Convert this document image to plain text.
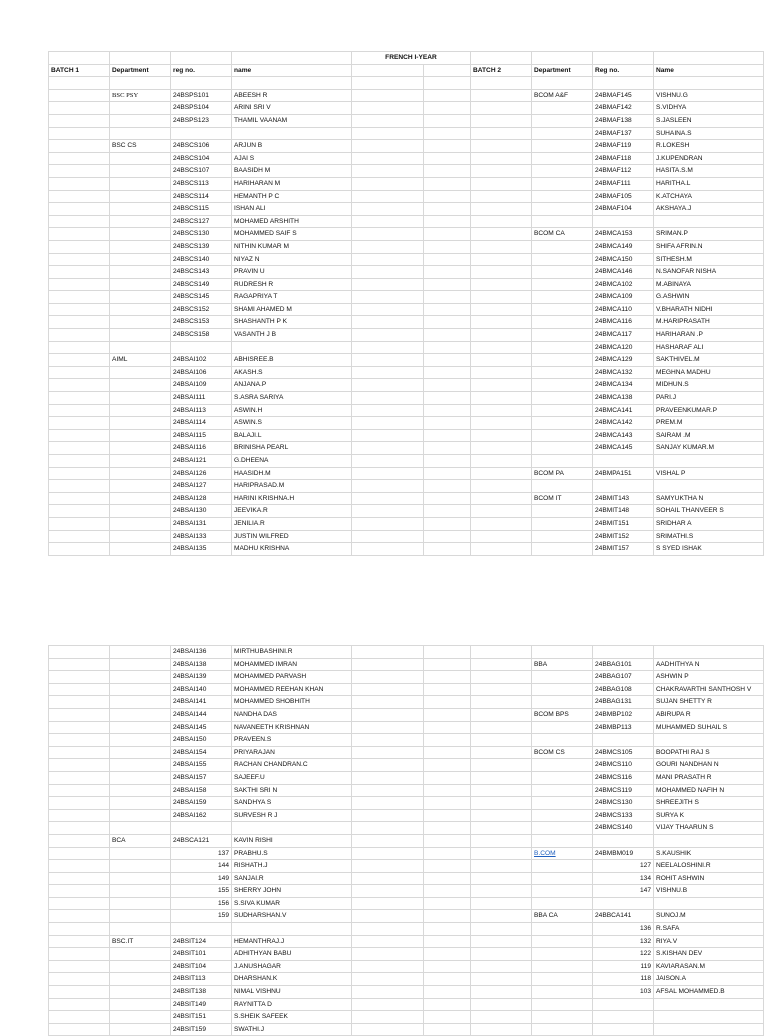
				FRENCH I-YEAR					
BATCH 1	Department	reg no.	name			BATCH 2	Department	Reg no.	Name

	BSC PSY	24BSPS101	ABEESH R				BCOM A&F	24BMAF145	VISHNU.G
		24BSPS104	ARINI SRI V					24BMAF142	S.VIDHYA
		24BSPS123	THAMIL VAANAM					24BMAF138	S.JASLEEN
								24BMAF137	SUHAINA.S
	BSC CS	24BSCS106	ARJUN B					24BMAF119	R.LOKESH
		24BSCS104	AJAI S					24BMAF118	J.KUPENDRAN
		24BSCS107	BAASIDH M					24BMAF112	HASITA.S.M
		24BSCS113	HARIHARAN M					24BMAF111	HARITHA.L
		24BSCS114	HEMANTH P C					24BMAF105	K.ATCHAYA
		24BSCS115	ISHAN ALI					24BMAF104	AKSHAYA.J
		24BSCS127	MOHAMED ARSHITH						
		24BSCS130	MOHAMMED SAIF S				BCOM CA	24BMCA153	SRIMAN.P
		24BSCS139	NITHIN KUMAR M					24BMCA149	SHIFA AFRIN.N
		24BSCS140	NIYAZ N					24BMCA150	SITHESH.M
		24BSCS143	PRAVIN U					24BMCA146	N.SANOFAR NISHA
		24BSCS149	RUDRESH R					24BMCA102	M.ABINAYA
		24BSCS145	RAGAPRIYA T					24BMCA109	G.ASHWIN
		24BSCS152	SHAMI AHAMED M					24BMCA110	V.BHARATH NIDHI
		24BSCS153	SHASHANTH P K					24BMCA116	M.HARIPRASATH
		24BSCS158	VASANTH J B					24BMCA117	HARIHARAN .P
								24BMCA120	HASHARAF ALI
	AIML	24BSAI102	ABHISREE.B					24BMCA129	SAKTHIVEL.M
		24BSAI106	AKASH.S					24BMCA132	MEGHNA MADHU
		24BSAI109	ANJANA.P					24BMCA134	MIDHUN.S
		24BSAI111	S.ASRA SARIYA					24BMCA138	PARI.J
		24BSAI113	ASWIN.H					24BMCA141	PRAVEENKUMAR.P
		24BSAI114	ASWIN.S					24BMCA142	PREM.M
		24BSAI115	BALAJI.L					24BMCA143	SAIRAM .M
		24BSAI116	BRINISHA PEARL					24BMCA145	SANJAY KUMAR.M
		24BSAI121	G.DHEENA						
		24BSAI126	HAASIDH.M				BCOM PA	24BMPA151	VISHAL P
		24BSAI127	HARIPRASAD.M						
		24BSAI128	HARINI KRISHNA.H				BCOM IT	24BMIT143	SAMYUKTHA N
		24BSAI130	JEEVIKA.R					24BMIT148	SOHAIL THANVEER S
		24BSAI131	JENILIA.R					24BMIT151	SRIDHAR A
		24BSAI133	JUSTIN WILFRED					24BMIT152	SRIMATHI.S
		24BSAI135	MADHU KRISHNA					24BMIT157	S SYED ISHAK
		24BSAI136	MIRTHUBASHINI.R						
		24BSAI138	MOHAMMED IMRAN				BBA	24BBAG101	AADHITHYA N
		24BSAI139	MOHAMMED PARVASH					24BBAG107	ASHWIN P
		24BSAI140	MOHAMMED REEHAN KHAN					24BBAG108	CHAKRAVARTHI SANTHOSH V
		24BSAI141	MOHAMMED SHOBHITH					24BBAG131	SUJAN SHETTY R
		24BSAI144	NANDHA DAS				BCOM BPS	24BMBP102	ABIRUPA R
		24BSAI145	NAVANEETH KRISHNAN					24BMBP113	MUHAMMED SUHAIL S
		24BSAI150	PRAVEEN.S						
		24BSAI154	PRIYARAJAN				BCOM CS	24BMCS105	BOOPATHI RAJ S
		24BSAI155	RACHAN CHANDRAN.C					24BMCS110	GOURI NANDHAN N
		24BSAI157	SAJEEF.U					24BMCS116	MANI PRASATH R
		24BSAI158	SAKTHI SRI N					24BMCS119	MOHAMMED NAFIH N
		24BSAI159	SANDHYA S					24BMCS130	SHREEJITH S
		24BSAI162	SURVESH R J					24BMCS133	SURYA K
								24BMCS140	VIJAY THAARUN S
	BCA	24BSCA121	KAVIN RISHI						
		137	PRABHU.S				B.COM	24BMBM019	S.KAUSHIK
		144	RISHATH.J					127	NEELALOSHINI.R
		149	SANJAI.R					134	ROHIT ASHWIN
		155	SHERRY JOHN					147	VISHNU.B
		156	S.SIVA KUMAR						
		159	SUDHARSHAN.V				BBA CA	24BBCA141	SUNOJ.M
								136	R.SAFA
	BSC.IT	24BSIT124	HEMANTHRAJ.J					132	RIYA.V
		24BSIT101	ADHITHYAN BABU					122	S.KISHAN DEV
		24BSIT104	J.ANUSHAGAR					119	KAVIARASAN.M
		24BSIT113	DHARSHAN.K					118	JAISON.A
		24BSIT138	NIMAL VISHNU					103	AFSAL MOHAMMED.B
		24BSIT149	RAYNITTA D						
		24BSIT151	S.SHEIK SAFEEK						
		24BSIT159	SWATHI.J						
